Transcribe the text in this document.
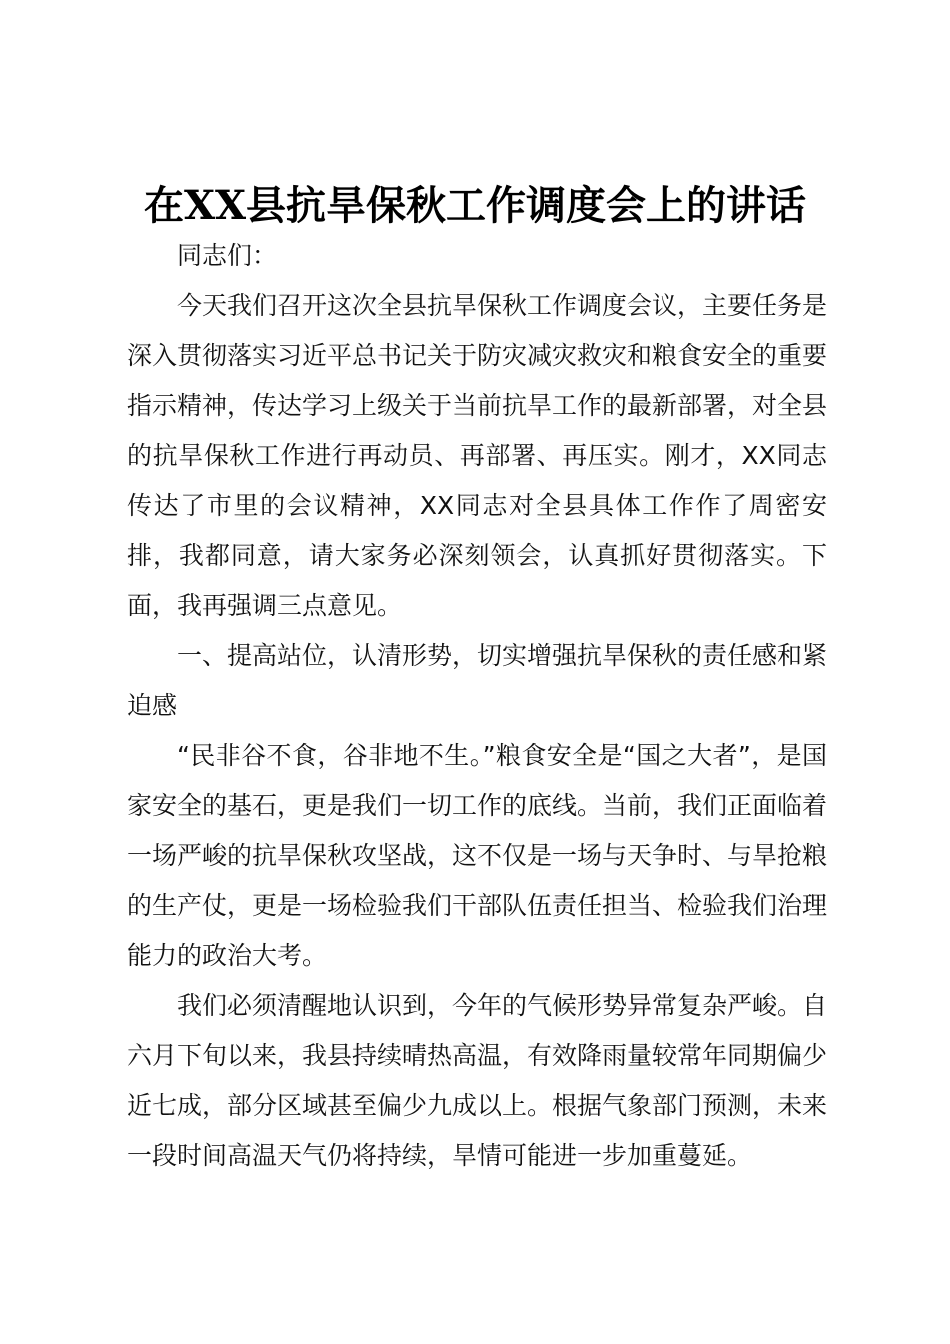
在XX县抗旱保秋工作调度会上的讲话

同志们：

今天我们召开这次全县抗旱保秋工作调度会议，主要任务是深入贯彻落实习近平总书记关于防灾减灾救灾和粮食安全的重要指示精神，传达学习上级关于当前抗旱工作的最新部署，对全县的抗旱保秋工作进行再动员、再部署、再压实。刚才，XX同志传达了市里的会议精神，XX同志对全县具体工作作了周密安排，我都同意，请大家务必深刻领会，认真抓好贯彻落实。下面，我再强调三点意见。

一、提高站位，认清形势，切实增强抗旱保秋的责任感和紧迫感

“民非谷不食，谷非地不生。”粮食安全是“国之大者”，是国家安全的基石，更是我们一切工作的底线。当前，我们正面临着一场严峻的抗旱保秋攻坚战，这不仅是一场与天争时、与旱抢粮的生产仗，更是一场检验我们干部队伍责任担当、检验我们治理能力的政治大考。

我们必须清醒地认识到，今年的气候形势异常复杂严峻。自六月下旬以来，我县持续晴热高温，有效降雨量较常年同期偏少近七成，部分区域甚至偏少九成以上。根据气象部门预测，未来一段时间高温天气仍将持续，旱情可能进一步加重蔓延。
